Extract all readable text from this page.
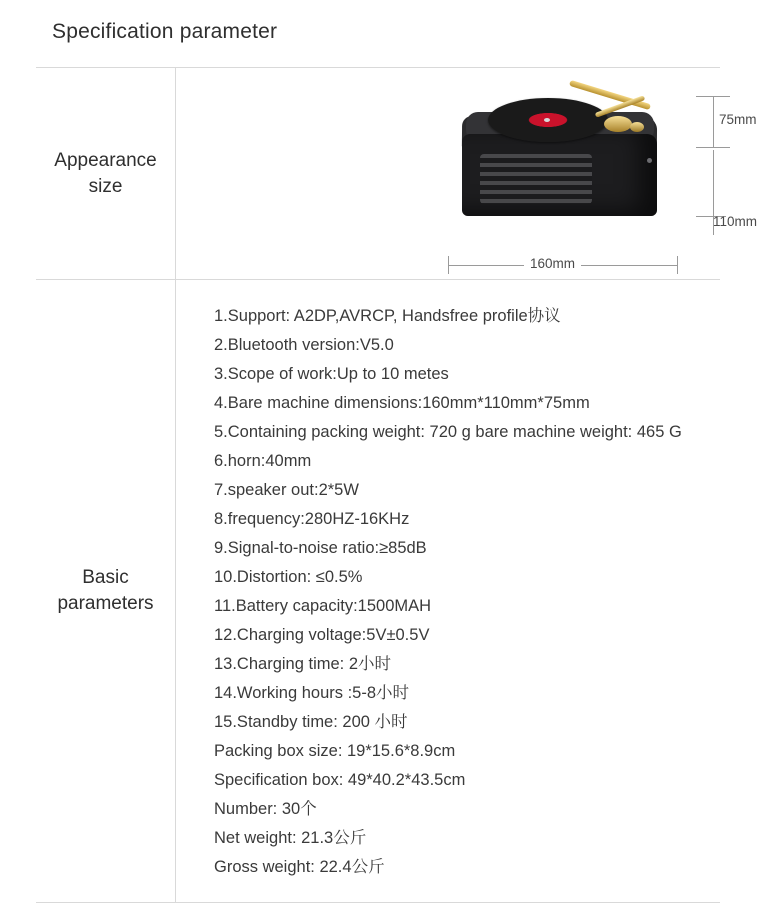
Specification parameter
Appearance
size
75mm
110mm
160mm
Basic
parameters
1.Support: A2DP,AVRCP, Handsfree profile协议
2.Bluetooth version:V5.0
3.Scope of work:Up to 10 metes
4.Bare machine dimensions:160mm*110mm*75mm
5.Containing packing weight: 720 g bare machine weight: 465 G
6.horn:40mm
7.speaker out:2*5W
8.frequency:280HZ-16KHz
9.Signal-to-noise ratio:≥85dB
10.Distortion: ≤0.5%
11.Battery capacity:1500MAH
12.Charging voltage:5V±0.5V
13.Charging time: 2小时
14.Working hours :5-8小时
15.Standby time: 200 小时
Packing box size: 19*15.6*8.9cm
Specification box: 49*40.2*43.5cm
Number: 30个
Net weight: 21.3公斤
Gross weight: 22.4公斤
